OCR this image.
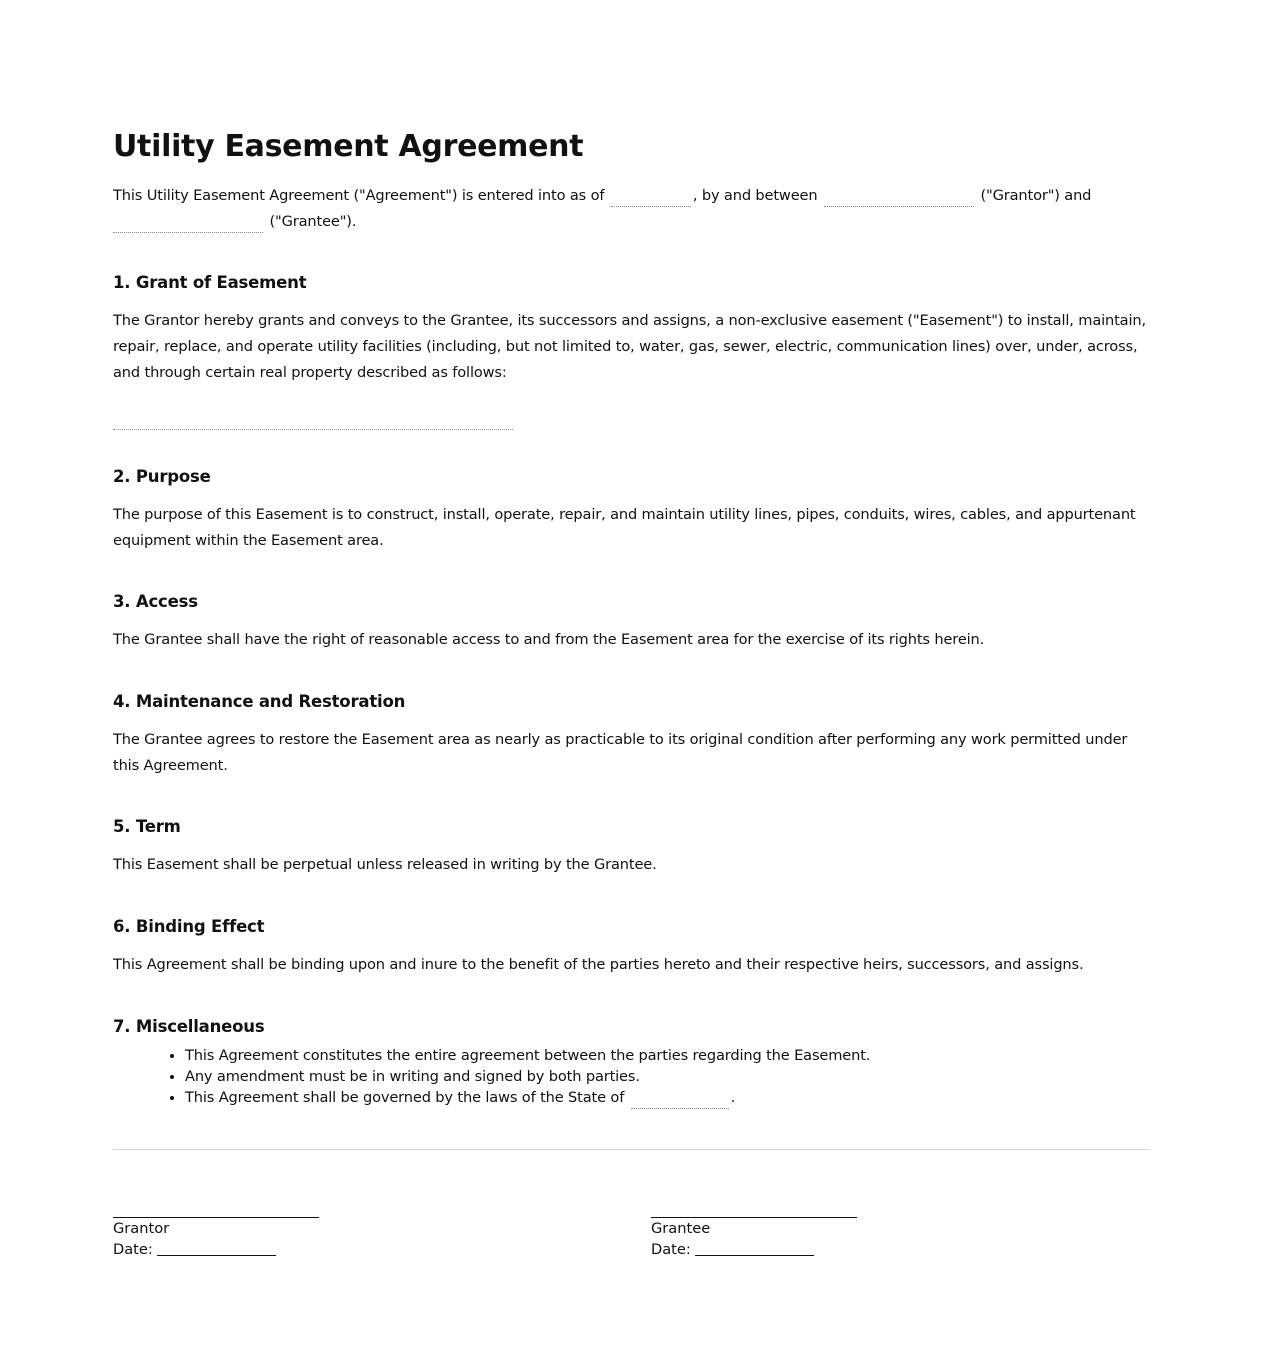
Utility Easement Agreement

This Utility Easement Agreement ("Agreement") is entered into as of	, by and between	("Grantor") and
("Grantee").

1. Grant of Easement

The Grantor hereby grants and conveys to the Grantee, its successors and assigns, a non-exclusive easement ("Easement") to install, maintain, repair, replace, and operate utility facilities (including, but not limited to, water, gas, sewer, electric, communication lines) over, under, across, and through certain real property described as follows:

2. Purpose

The purpose of this Easement is to construct, install, operate, repair, and maintain utility lines, pipes, conduits, wires, cables, and appurtenant equipment within the Easement area.

3. Access

The Grantee shall have the right of reasonable access to and from the Easement area for the exercise of its rights herein.

4. Maintenance and Restoration

The Grantee agrees to restore the Easement area as nearly as practicable to its original condition after performing any work permitted under this Agreement.

5. Term

This Easement shall be perpetual unless released in writing by the Grantee.

6. Binding Effect

This Agreement shall be binding upon and inure to the benefit of the parties hereto and their respective heirs, successors, and assigns.

7. Miscellaneous
• This Agreement constitutes the entire agreement between the parties regarding the Easement.
• Any amendment must be in writing and signed by both parties.
• This Agreement shall be governed by the laws of the State of	.
Grantor
Date:
Grantee
Date:
